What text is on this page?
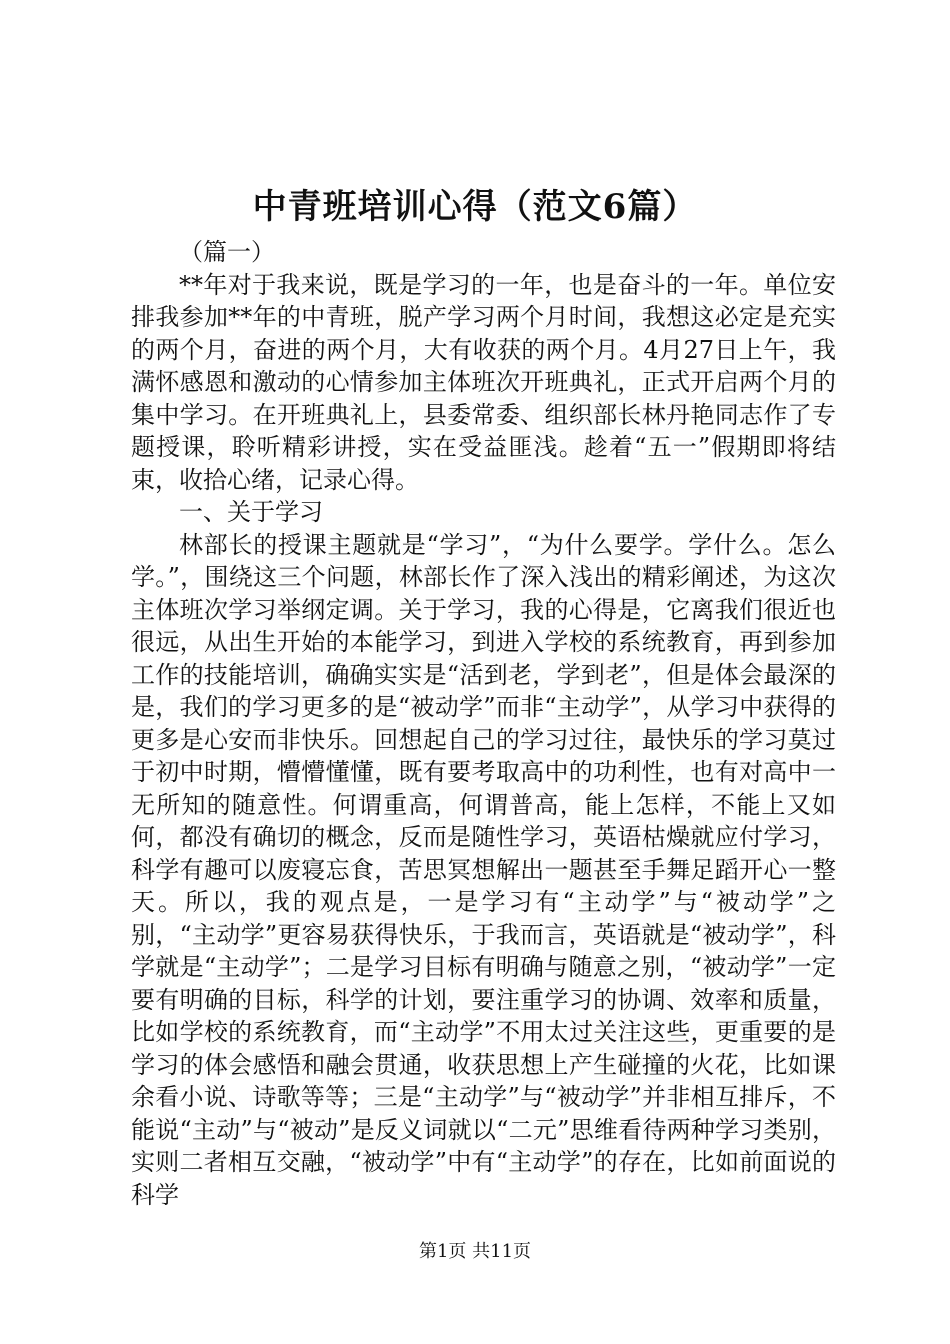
中青班培训心得（范文6篇）

（篇一）

**年对于我来说，既是学习的一年，也是奋斗的一年。单位安排我参加**年的中青班，脱产学习两个月时间，我想这必定是充实的两个月，奋进的两个月，大有收获的两个月。4月27日上午，我满怀感恩和激动的心情参加主体班次开班典礼，正式开启两个月的集中学习。在开班典礼上，县委常委、组织部长林丹艳同志作了专题授课，聆听精彩讲授，实在受益匪浅。趁着“五一”假期即将结束，收拾心绪，记录心得。

一、关于学习

林部长的授课主题就是“学习”，“为什么要学。学什么。怎么学。”，围绕这三个问题，林部长作了深入浅出的精彩阐述，为这次主体班次学习举纲定调。关于学习，我的心得是，它离我们很近也很远，从出生开始的本能学习，到进入学校的系统教育，再到参加工作的技能培训，确确实实是“活到老，学到老”，但是体会最深的是，我们的学习更多的是“被动学”而非“主动学”，从学习中获得的更多是心安而非快乐。回想起自己的学习过往，最快乐的学习莫过于初中时期，懵懵懂懂，既有要考取高中的功利性，也有对高中一无所知的随意性。何谓重高，何谓普高，能上怎样，不能上又如何，都没有确切的概念，反而是随性学习，英语枯燥就应付学习，科学有趣可以废寝忘食，苦思冥想解出一题甚至手舞足蹈开心一整天。所以，我的观点是，一是学习有“主动学”与“被动学”之别，“主动学”更容易获得快乐，于我而言，英语就是“被动学”，科学就是“主动学”；二是学习目标有明确与随意之别，“被动学”一定要有明确的目标，科学的计划，要注重学习的协调、效率和质量，比如学校的系统教育，而“主动学”不用太过关注这些，更重要的是学习的体会感悟和融会贯通，收获思想上产生碰撞的火花，比如课余看小说、诗歌等等；三是“主动学”与“被动学”并非相互排斥，不能说“主动”与“被动”是反义词就以“二元”思维看待两种学习类别，实则二者相互交融，“被动学”中有“主动学”的存在，比如前面说的科学

第1页 共11页
